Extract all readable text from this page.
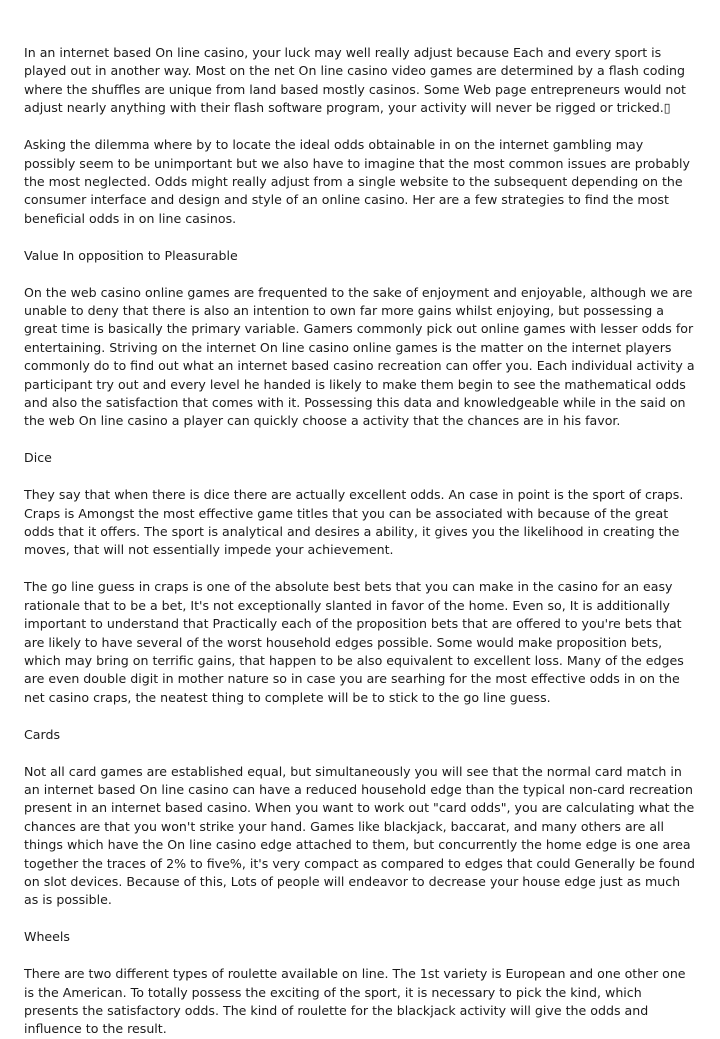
In an internet based On line casino, your luck may well really adjust because Each and every sport is played out in another way. Most on the net On line casino video games are determined by a flash coding where the shuffles are unique from land based mostly casinos. Some Web page entrepreneurs would not adjust nearly anything with their flash software program, your activity will never be rigged or tricked.▯

Asking the dilemma where by to locate the ideal odds obtainable in on the internet gambling may possibly seem to be unimportant but we also have to imagine that the most common issues are probably the most neglected. Odds might really adjust from a single website to the subsequent depending on the consumer interface and design and style of an online casino. Her are a few strategies to find the most beneficial odds in on line casinos.

Value In opposition to Pleasurable

On the web casino online games are frequented to the sake of enjoyment and enjoyable, although we are unable to deny that there is also an intention to own far more gains whilst enjoying, but possessing a great time is basically the primary variable. Gamers commonly pick out online games with lesser odds for entertaining. Striving on the internet On line casino online games is the matter on the internet players commonly do to find out what an internet based casino recreation can offer you. Each individual activity a participant try out and every level he handed is likely to make them begin to see the mathematical odds and also the satisfaction that comes with it. Possessing this data and knowledgeable while in the said on the web On line casino a player can quickly choose a activity that the chances are in his favor.

Dice

They say that when there is dice there are actually excellent odds. An case in point is the sport of craps. Craps is Amongst the most effective game titles that you can be associated with because of the great odds that it offers. The sport is analytical and desires a ability, it gives you the likelihood in creating the moves, that will not essentially impede your achievement.

The go line guess in craps is one of the absolute best bets that you can make in the casino for an easy rationale that to be a bet, It's not exceptionally slanted in favor of the home. Even so, It is additionally important to understand that Practically each of the proposition bets that are offered to you're bets that are likely to have several of the worst household edges possible. Some would make proposition bets, which may bring on terrific gains, that happen to be also equivalent to excellent loss. Many of the edges are even double digit in mother nature so in case you are searhing for the most effective odds in on the net casino craps, the neatest thing to complete will be to stick to the go line guess.

Cards

Not all card games are established equal, but simultaneously you will see that the normal card match in an internet based On line casino can have a reduced household edge than the typical non-card recreation present in an internet based casino. When you want to work out "card odds", you are calculating what the chances are that you won't strike your hand. Games like blackjack, baccarat, and many others are all things which have the On line casino edge attached to them, but concurrently the home edge is one area together the traces of 2% to five%, it's very compact as compared to edges that could Generally be found on slot devices. Because of this, Lots of people will endeavor to decrease your house edge just as much as is possible.

Wheels

There are two different types of roulette available on line. The 1st variety is European and one other one is the American. To totally possess the exciting of the sport, it is necessary to pick the kind, which presents the satisfactory odds. The kind of roulette for the blackjack activity will give the odds and influence to the result.
